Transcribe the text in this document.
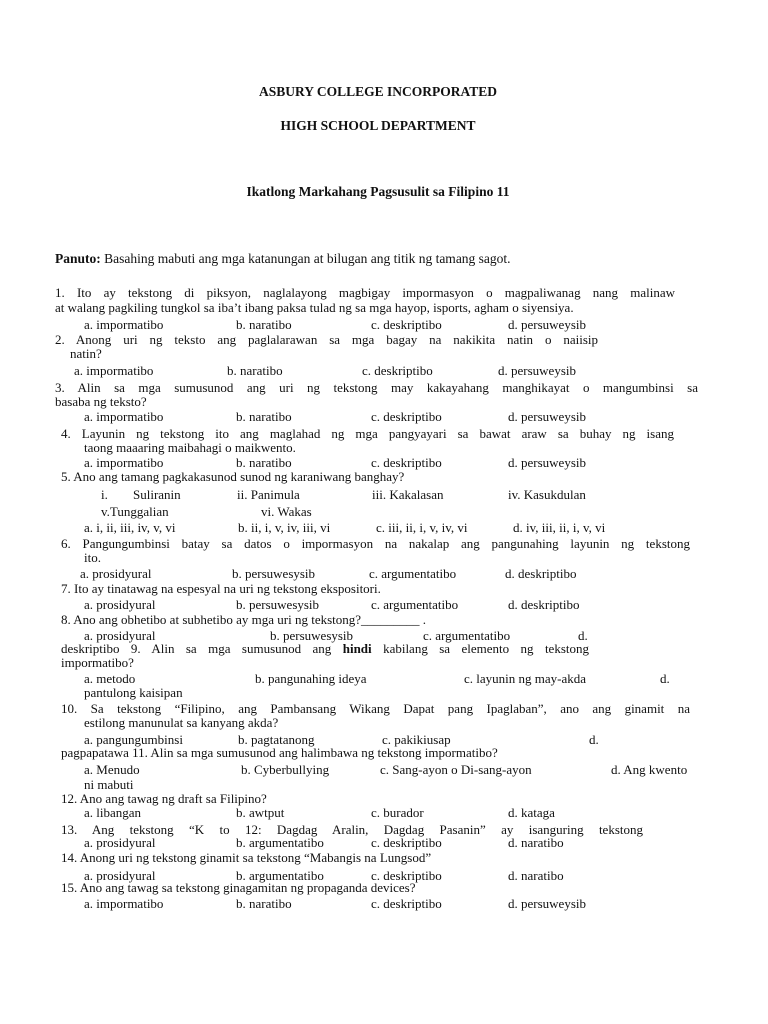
ASBURY COLLEGE INCORPORATED
HIGH SCHOOL DEPARTMENT
Ikatlong Markahang Pagsusulit sa Filipino 11
Panuto: Basahing mabuti ang mga katanungan at bilugan ang titik ng tamang sagot.
1. Ito ay tekstong di piksyon, naglalayong magbigay impormasyon o magpaliwanag nang malinaw
at walang pagkiling tungkol sa iba’t ibang paksa tulad ng sa mga hayop, isports, agham o siyensiya.
a. impormatibo	b. naratibo	c. deskriptibo	d. persuweysib
2. Anong uri ng teksto ang paglalarawan sa mga bagay na nakikita natin o naiisip
natin?
a. impormatibo	b. naratibo	c. deskriptibo	d. persuweysib
3. Alin sa mga sumusunod ang uri ng tekstong may kakayahang manghikayat o mangumbinsi sa
basaba ng teksto?
a. impormatibo	b. naratibo	c. deskriptibo	d. persuweysib
4. Layunin ng tekstong ito ang maglahad ng mga pangyayari sa bawat araw sa buhay ng isang
taong maaaring maibahagi o maikwento.
a. impormatibo	b. naratibo	c. deskriptibo	d. persuweysib
5. Ano ang tamang pagkakasunod sunod ng karaniwang banghay?
i. Suliranin	ii. Panimula	iii. Kakalasan	iv. Kasukdulan
v.Tunggalian	vi. Wakas
a. i, ii, iii, iv, v, vi	b. ii, i, v, iv, iii, vi	c. iii, ii, i, v, iv, vi	d. iv, iii, ii, i, v, vi
6. Pangungumbinsi batay sa datos o impormasyon na nakalap ang pangunahing layunin ng tekstong
ito.
a. prosidyural	b. persuwesysib	c. argumentatibo	d. deskriptibo
7. Ito ay tinatawag na espesyal na uri ng tekstong ekspositori.
a. prosidyural	b. persuwesysib	c. argumentatibo	d. deskriptibo
8. Ano ang obhetibo at subhetibo ay mga uri ng tekstong?_________ .
a. prosidyural	b. persuwesysib	c. argumentatibo	d.
deskriptibo 9. Alin sa mga sumusunod ang hindi kabilang sa elemento ng tekstong
impormatibo?
a. metodo	b. pangunahing ideya	c. layunin ng may-akda	d.
pantulong kaisipan
10. Sa tekstong “Filipino, ang Pambansang Wikang Dapat pang Ipaglaban”, ano ang ginamit na
estilong manunulat sa kanyang akda?
a. pangungumbinsi	b. pagtatanong	c. pakikiusap	d.
pagpapatawa 11. Alin sa mga sumusunod ang halimbawa ng tekstong impormatibo?
a. Menudo	b. Cyberbullying	c. Sang-ayon o Di-sang-ayon	d. Ang kwento
ni mabuti
12. Ano ang tawag ng draft sa Filipino?
a. libangan	b. awtput	c. burador	d. kataga
13. Ang tekstong “K to 12: Dagdag Aralin, Dagdag Pasanin” ay isanguring tekstong
a. prosidyural	b. argumentatibo	c. deskriptibo	d. naratibo
14. Anong uri ng tekstong ginamit sa tekstong “Mabangis na Lungsod”
a. prosidyural	b. argumentatibo	c. deskriptibo	d. naratibo
15. Ano ang tawag sa tekstong ginagamitan ng propaganda devices?
a. impormatibo	b. naratibo	c. deskriptibo	d. persuweysib
